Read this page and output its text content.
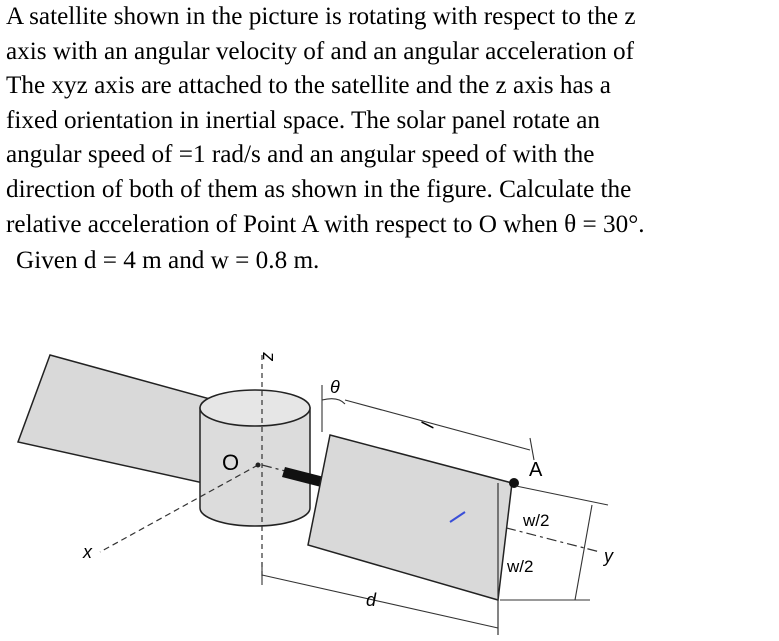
A satellite shown in the picture is rotating with respect to the z
axis with an angular velocity of and an angular acceleration of
The xyz axis are attached to the satellite and the z axis has a
fixed orientation in inertial space. The solar panel rotate an
angular speed of =1 rad/s and an angular speed of with the
direction of both of them as shown in the figure. Calculate the
relative acceleration of Point A with respect to O when θ = 30°.
Given d = 4 m and w = 0.8 m.
z
x
O
y
A
θ
l
w/2
w/2
d
